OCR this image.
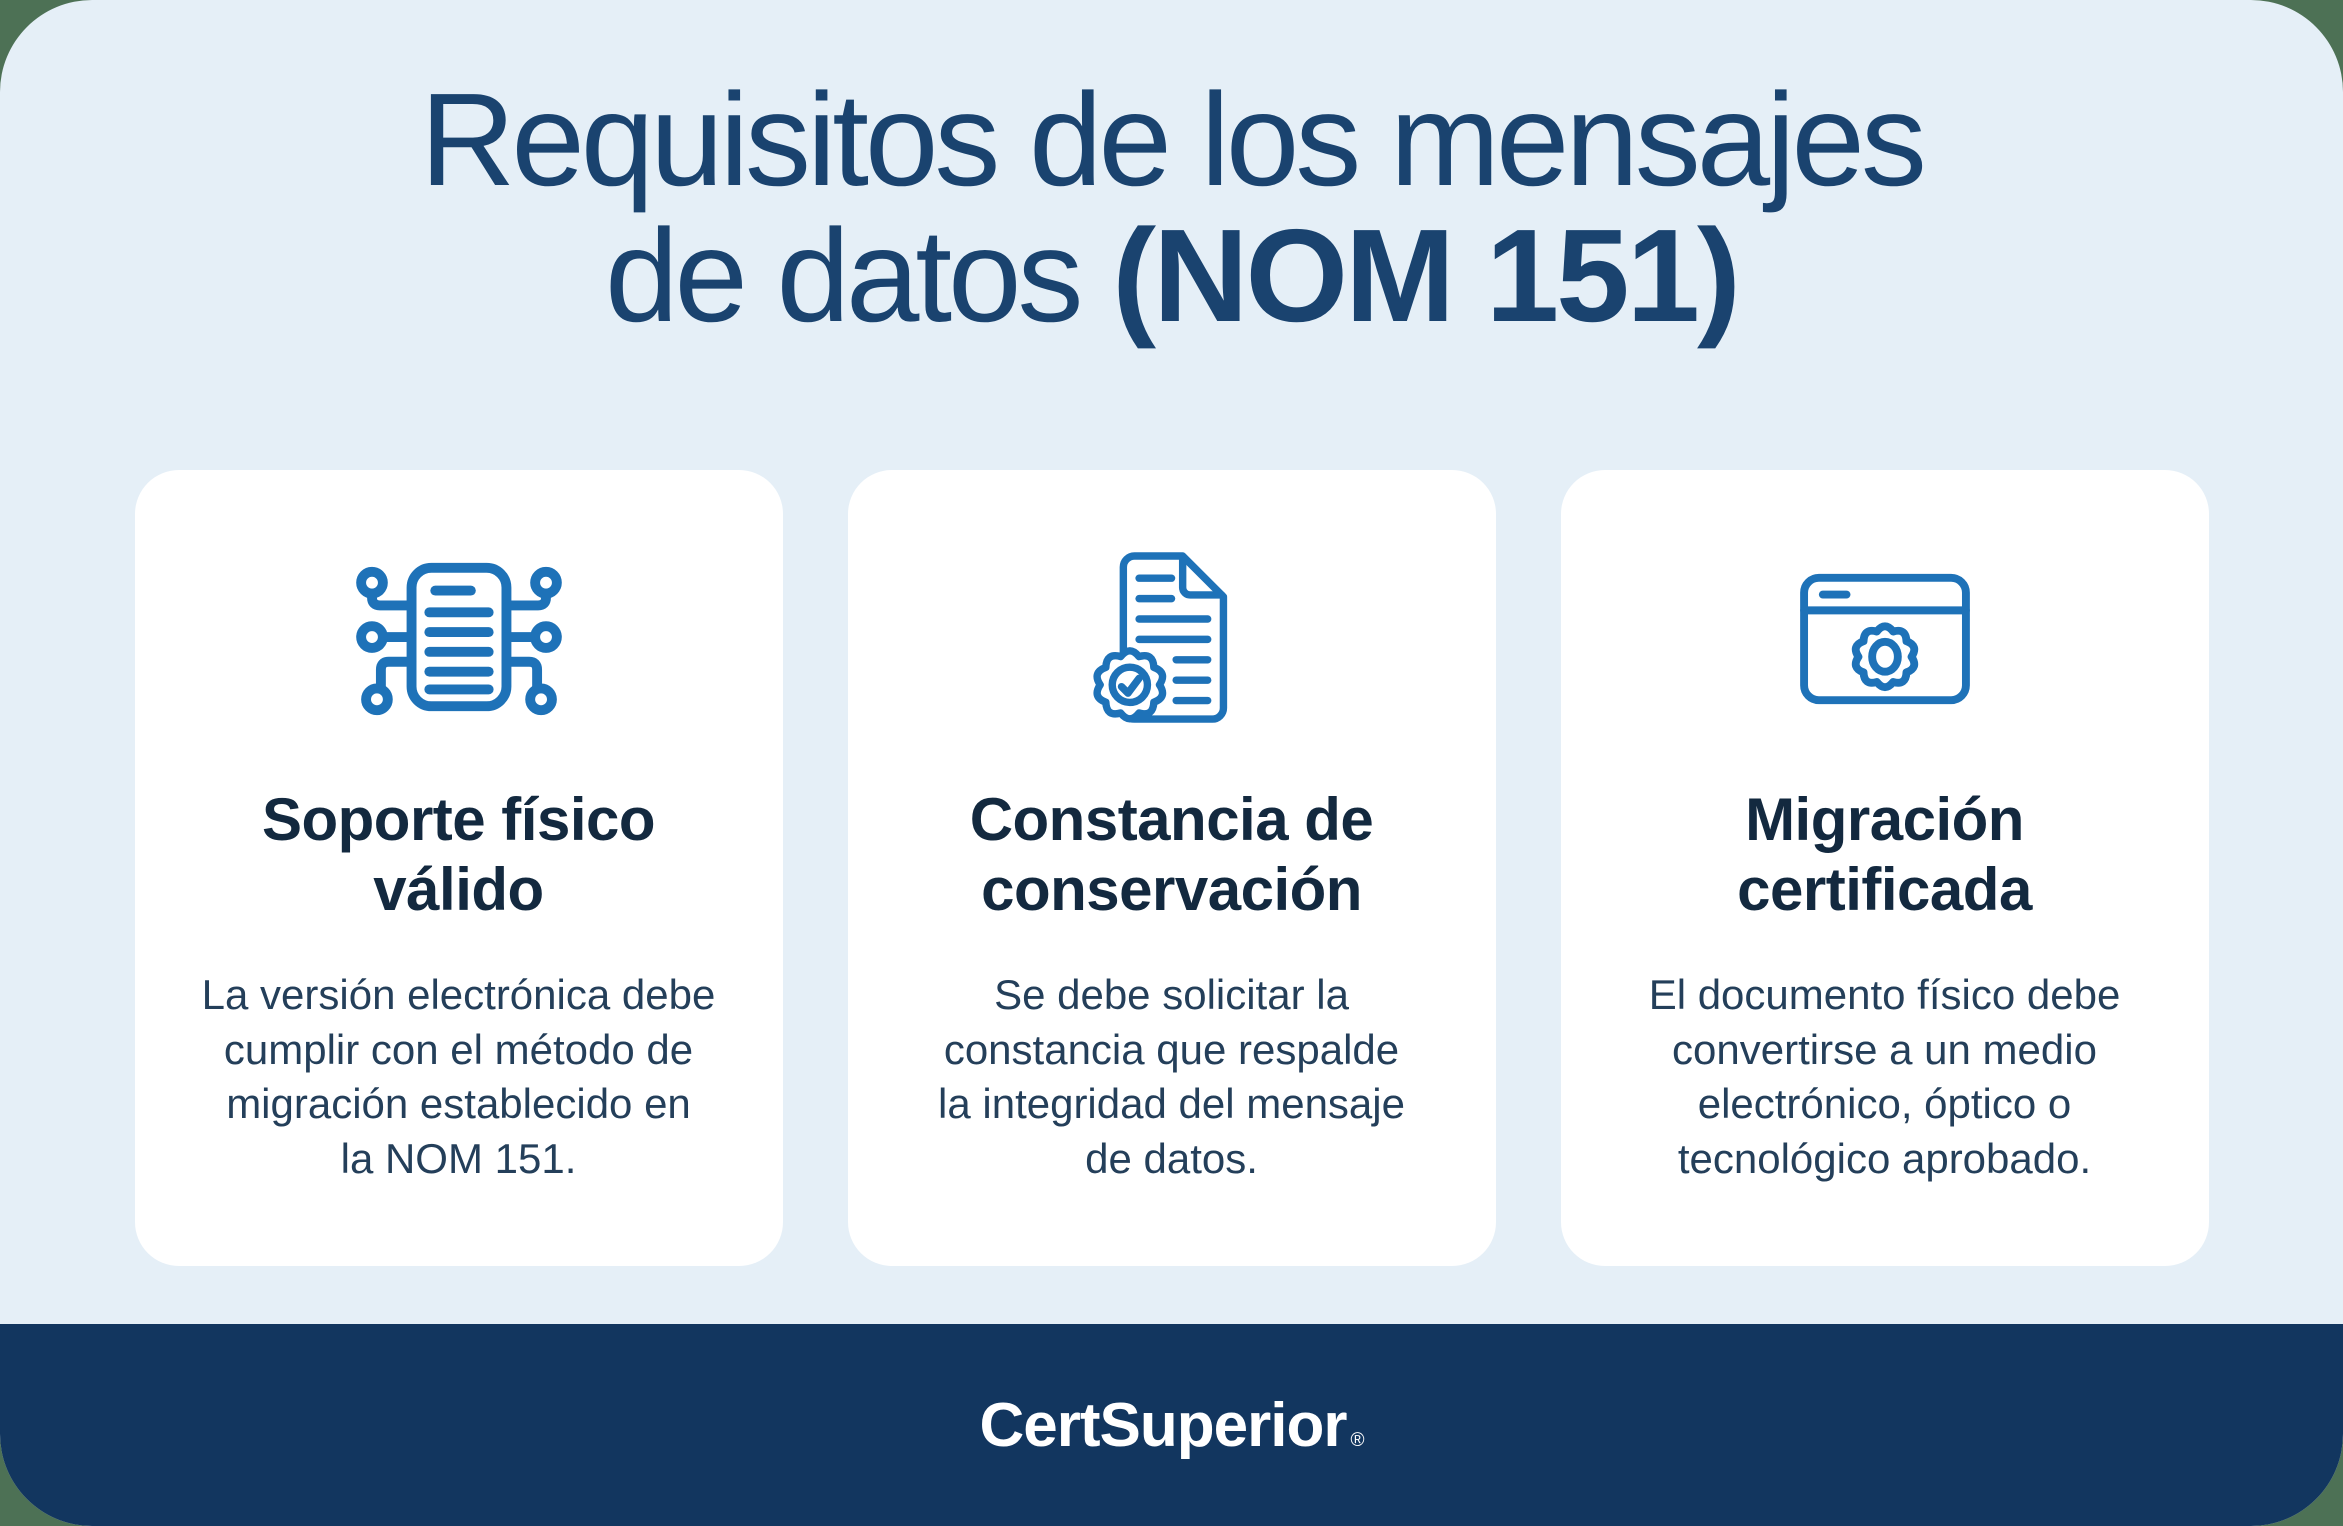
Requisitos de los mensajes
de datos (NOM 151)
Soporte físico
válido
La versión electrónica debe
cumplir con el método de
migración establecido en
la NOM 151.
Constancia de
conservación
Se debe solicitar la
constancia que respalde
la integridad del mensaje
de datos.
Migración
certificada
El documento físico debe
convertirse a un medio
electrónico, óptico o
tecnológico aprobado.
CertSuperior ®
